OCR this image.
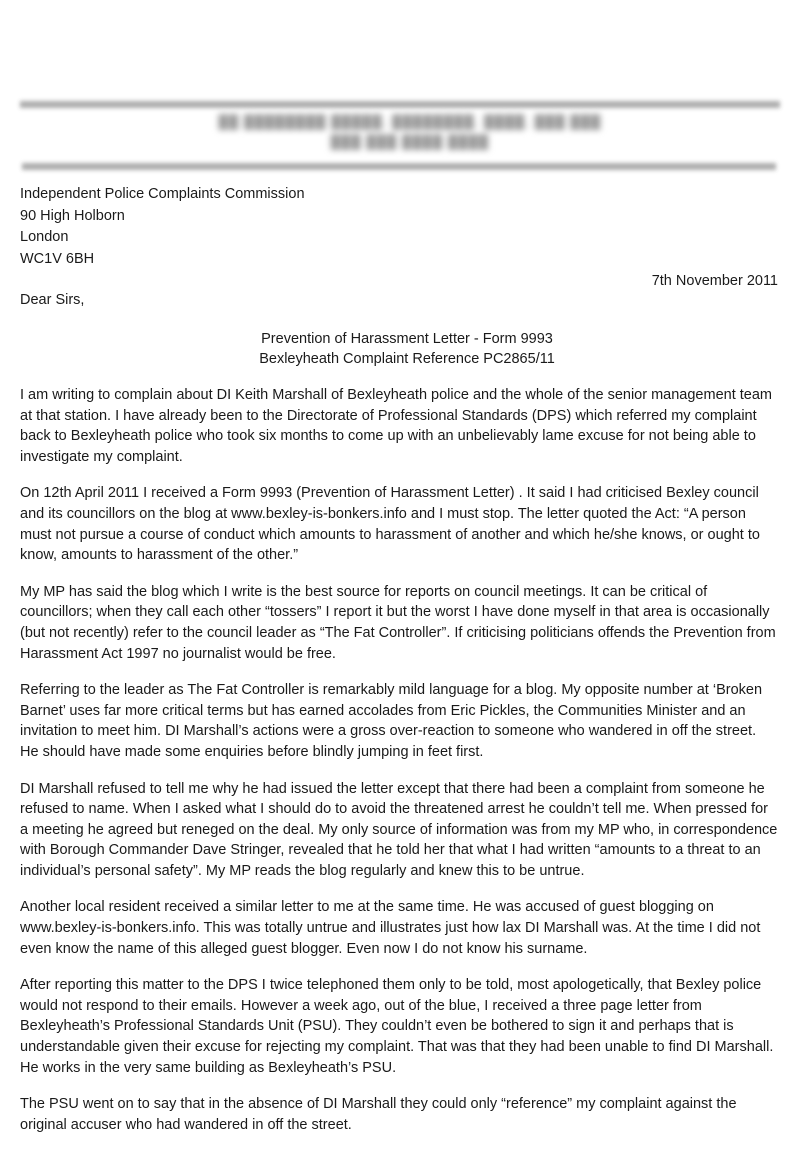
██ ████████ █████, ████████, ████, ███ ███
███ ███ ████ ████
Independent Police Complaints Commission
90 High Holborn
London
WC1V 6BH
7th November 2011
Dear Sirs,
Prevention of Harassment Letter - Form 9993
Bexleyheath Complaint Reference PC2865/11

I am writing to complain about DI Keith Marshall of Bexleyheath police and the whole of the senior management team at that station. I have already been to the Directorate of Professional Standards (DPS) which referred my complaint back to Bexleyheath police who took six months to come up with an unbelievably lame excuse for not being able to investigate my complaint.

On 12th April 2011 I received a Form 9993 (Prevention of Harassment Letter) . It said I had criticised Bexley council and its councillors on the blog at www.bexley-is-bonkers.info and I must stop. The letter quoted the Act: “A person must not pursue a course of conduct which amounts to harassment of another and which he/she knows, or ought to know, amounts to harassment of the other.”

My MP has said the blog which I write is the best source for reports on council meetings. It can be critical of councillors; when they call each other “tossers” I report it but the worst I have done myself in that area is occasionally (but not recently) refer to the council leader as “The Fat Controller”. If criticising politicians offends the Prevention from Harassment Act 1997 no journalist would be free.

Referring to the leader as The Fat Controller is remarkably mild language for a blog. My opposite number at ‘Broken Barnet’ uses far more critical terms but has earned accolades from Eric Pickles, the Communities Minister and an invitation to meet him. DI Marshall’s actions were a gross over-reaction to someone who wandered in off the street. He should have made some enquiries before blindly jumping in feet first.

DI Marshall refused to tell me why he had issued the letter except that there had been a complaint from someone he refused to name. When I asked what I should do to avoid the threatened arrest he couldn’t tell me. When pressed for a meeting he agreed but reneged on the deal. My only source of information was from my MP who, in correspondence with Borough Commander Dave Stringer, revealed that he told her that what I had written “amounts to a threat to an individual’s personal safety”. My MP reads the blog regularly and knew this to be untrue.

Another local resident received a similar letter to me at the same time. He was accused of guest blogging on www.bexley-is-bonkers.info. This was totally untrue and illustrates just how lax DI Marshall was. At the time I did not even know the name of this alleged guest blogger. Even now I do not know his surname.

After reporting this matter to the DPS I twice telephoned them only to be told, most apologetically, that Bexley police would not respond to their emails. However a week ago, out of the blue, I received a three page letter from Bexleyheath’s Professional Standards Unit (PSU). They couldn’t even be bothered to sign it and perhaps that is understandable given their excuse for rejecting my complaint. That was that they had been unable to find DI Marshall. He works in the very same building as Bexleyheath’s PSU.

The PSU went on to say that in the absence of DI Marshall they could only “reference” my complaint against the original accuser who had wandered in off the street.
